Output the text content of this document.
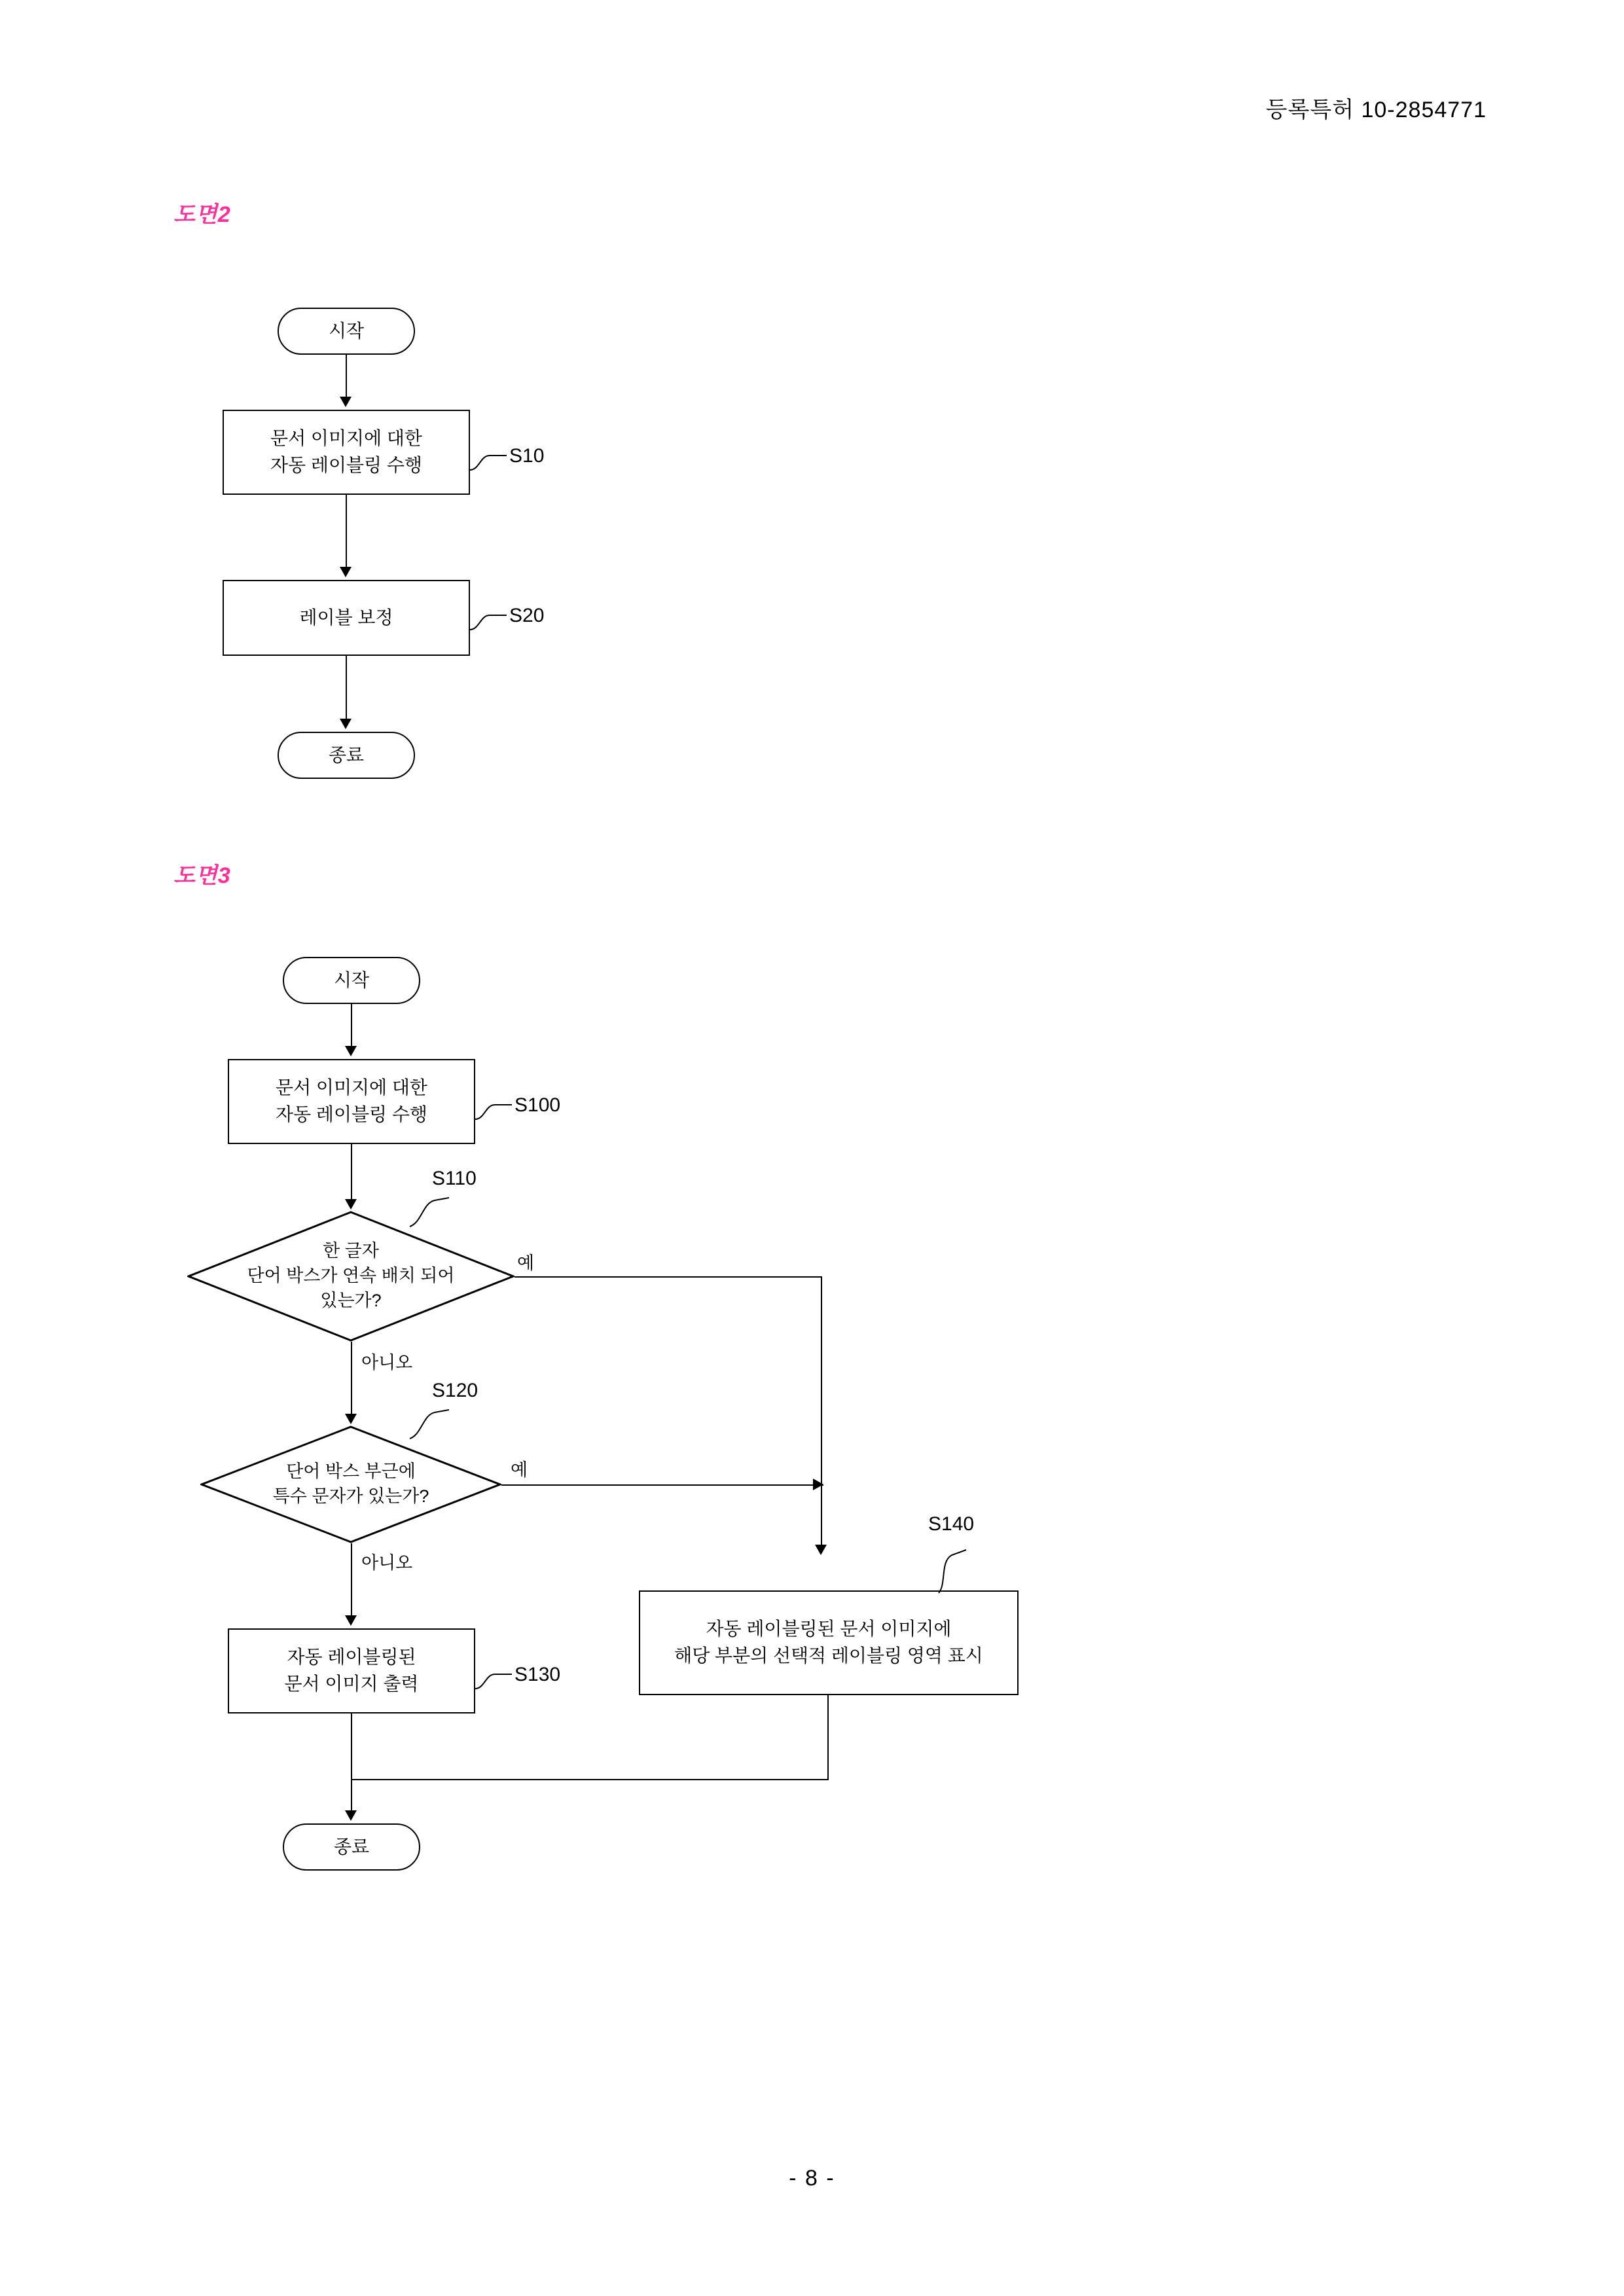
등록특허 10-2854771
도면2
시작
문서 이미지에 대한
자동 레이블링 수행	S10
레이블 보정	S20
종료
도면3
시작
문서 이미지에 대한
자동 레이블링 수행	S100
한 글자
단어 박스가 연속 배치 되어
있는가?
S110
예
아니오
단어 박스 부근에
특수 문자가 있는가?
S120
예
아니오
자동 레이블링된
문서 이미지 출력	S130
자동 레이블링된 문서 이미지에
해당 부분의 선택적 레이블링 영역 표시
S140
종료
- 8 -
